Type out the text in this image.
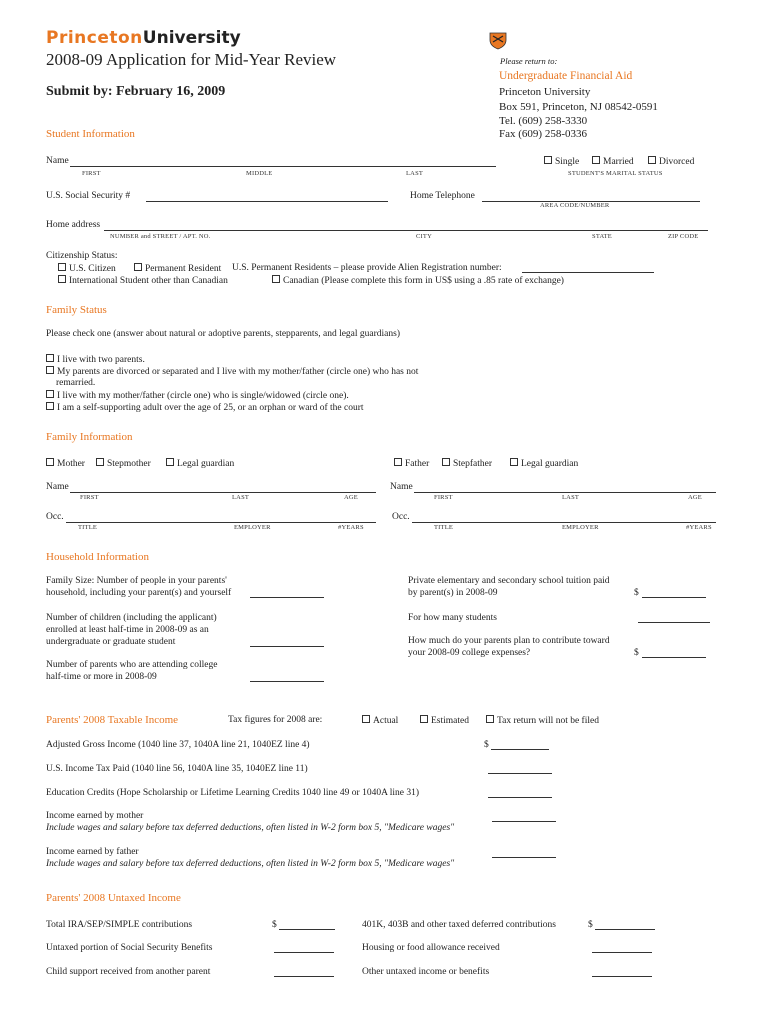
PrincetonUniversity
2008-09 Application for Mid-Year Review
Submit by: February 16, 2009
Please return to:
Undergraduate Financial Aid
Princeton University
Box 591, Princeton, NJ 08542-0591
Tel. (609) 258-3330
Fax (609) 258-0336
Student Information
Name
FIRST	MIDDLE	LAST
Single	Married	Divorced
STUDENT'S MARITAL STATUS
U.S. Social Security #	Home Telephone
AREA CODE/NUMBER
Home address
NUMBER and STREET / APT. NO.	CITY	STATE	ZIP CODE
Citizenship Status:
U.S. Citizen	Permanent Resident U.S. Permanent Residents – please provide Alien Registration number:
International Student other than Canadian	Canadian (Please complete this form in US$ using a .85 rate of exchange)
Family Status
Please check one (answer about natural or adoptive parents, stepparents, and legal guardians)
I live with two parents.
My parents are divorced or separated and I live with my mother/father (circle one) who has not
remarried.
I live with my mother/father (circle one) who is single/widowed (circle one).
I am a self-supporting adult over the age of 25, or an orphan or ward of the court
Family Information
Mother	Stepmother	Legal guardian	Father	Stepfather	Legal guardian
Name
FIRST	LAST	AGE
Name
FIRST	LAST	AGE
Occ.
TITLE	EMPLOYER	#YEARS
Occ.
TITLE	EMPLOYER	#YEARS
Household Information
Family Size: Number of people in your parents'
household, including your parent(s) and yourself
Number of children (including the applicant)
enrolled at least half-time in 2008-09 as an
undergraduate or graduate student
Number of parents who are attending college
half-time or more in 2008-09
Private elementary and secondary school tuition paid
by parent(s) in 2008-09	$
For how many students
How much do your parents plan to contribute toward
your 2008-09 college expenses?	$
Parents' 2008 Taxable Income	Tax figures for 2008 are:	Actual	Estimated	Tax return will not be filed
Adjusted Gross Income (1040 line 37, 1040A line 21, 1040EZ line 4)	$
U.S. Income Tax Paid (1040 line 56, 1040A line 35, 1040EZ line 11)
Education Credits (Hope Scholarship or Lifetime Learning Credits 1040 line 49 or 1040A line 31)
Income earned by mother
Include wages and salary before tax deferred deductions, often listed in W-2 form box 5, "Medicare wages"
Income earned by father
Include wages and salary before tax deferred deductions, often listed in W-2 form box 5, "Medicare wages"
Parents' 2008 Untaxed Income
Total IRA/SEP/SIMPLE contributions	$	401K, 403B and other taxed deferred contributions	$
Untaxed portion of Social Security Benefits	Housing or food allowance received
Child support received from another parent	Other untaxed income or benefits
